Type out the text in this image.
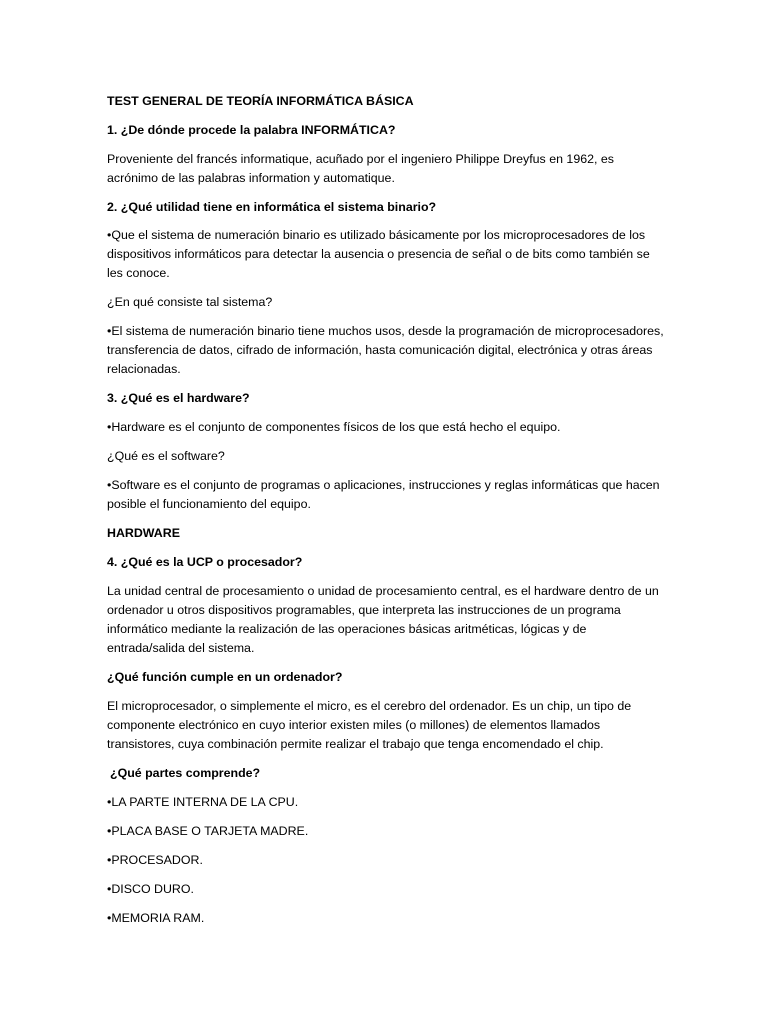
TEST GENERAL DE TEORÍA INFORMÁTICA BÁSICA

1. ¿De dónde procede la palabra INFORMÁTICA?

Proveniente del francés informatique, acuñado por el ingeniero Philippe Dreyfus en 1962, es acrónimo de las palabras information y automatique.

2. ¿Qué utilidad tiene en informática el sistema binario?

•Que el sistema de numeración binario es utilizado básicamente por los microprocesadores de los dispositivos informáticos para detectar la ausencia o presencia de señal o de bits como también se les conoce.

¿En qué consiste tal sistema?

•El sistema de numeración binario tiene muchos usos, desde la programación de microprocesadores, transferencia de datos, cifrado de información, hasta comunicación digital, electrónica y otras áreas relacionadas.

3. ¿Qué es el hardware?

•Hardware es el conjunto de componentes físicos de los que está hecho el equipo.

¿Qué es el software?

•Software es el conjunto de programas o aplicaciones, instrucciones y reglas informáticas que hacen posible el funcionamiento del equipo.

HARDWARE

4. ¿Qué es la UCP o procesador?

La unidad central de procesamiento o unidad de procesamiento central, es el hardware dentro de un ordenador u otros dispositivos programables, que interpreta las instrucciones de un programa informático mediante la realización de las operaciones básicas aritméticas, lógicas y de entrada/salida del sistema.

¿Qué función cumple en un ordenador?

El microprocesador, o simplemente el micro, es el cerebro del ordenador. Es un chip, un tipo de componente electrónico en cuyo interior existen miles (o millones) de elementos llamados transistores, cuya combinación permite realizar el trabajo que tenga encomendado el chip.

¿Qué partes comprende?

•LA PARTE INTERNA DE LA CPU.

•PLACA BASE O TARJETA MADRE.

•PROCESADOR.

•DISCO DURO.

•MEMORIA RAM.
